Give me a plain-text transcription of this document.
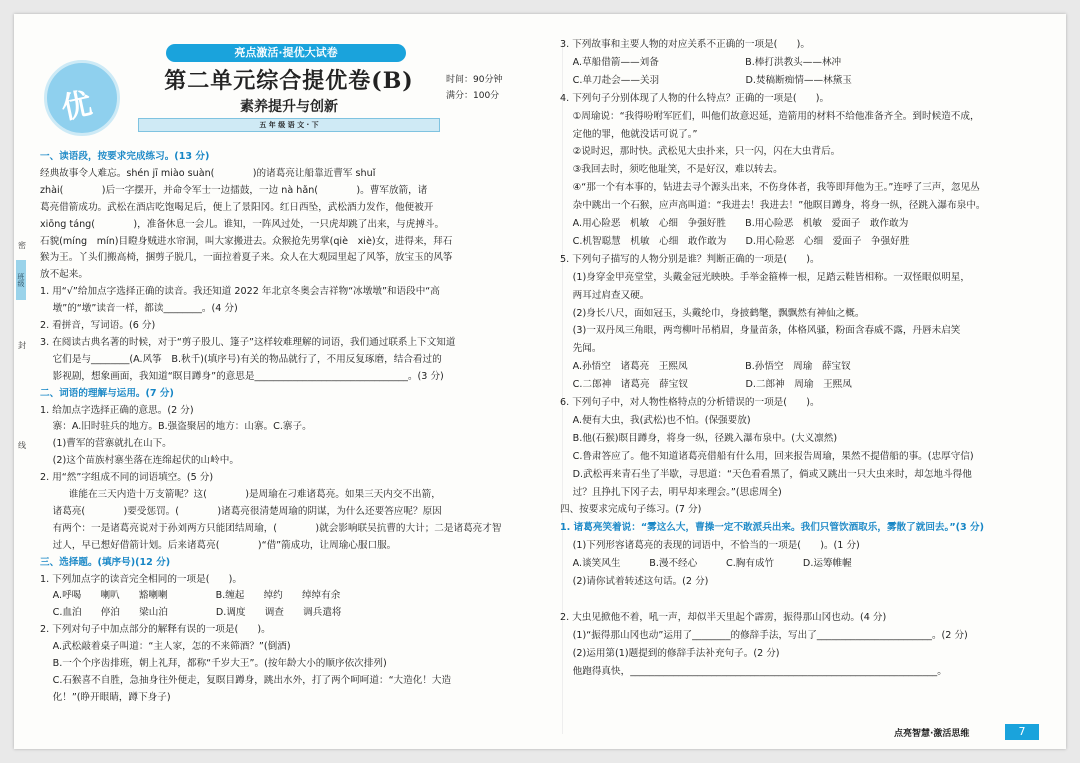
密
班级
封
线
优
亮点激活·提优大试卷
第二单元综合提优卷(B)
素养提升与创新
时间：90分钟
满分：100分
五 年 级 语 文 · 下
一、读语段，按要求完成练习。(13 分)
经典故事令人难忘。shén jī miào suàn(　　　　)的诸葛亮让船靠近曹军 shuǐ
zhài(　　　　)后一字摆开，并命令军士一边擂鼓，一边 nà hǎn(　　　　)。曹军放箭，诸
葛亮借箭成功。武松在酒店吃饱喝足后，便上了景阳冈。红日西坠，武松酒力发作，他便被开
xiōng táng(　　　　)，准备休息一会儿。谁知，一阵风过处，一只虎却跳了出来，与虎搏斗。
石貌(míng　mín)目瞪身贼进水帘洞，叫大家搬进去。众猴抢先男掌(qiè　xiè)女，进得来，拜石
猴为王。丫头们搬高椅，捆剪子脱几，一面拉着夏子来。众人在大观园里起了风筝，放宝玉的风筝
放不起来。
1. 用“√”给加点字选择正确的读音。我还知道 2022 年北京冬奥会吉祥物“冰墩墩”和语段中“高
　 墩”的“墩”读音一样，都读________。(4 分)
2. 看拼音，写词语。(6 分)
3. 在阅读古典名著的时候，对于“剪子股儿、篷子”这样较难理解的词语，我们通过联系上下文知道
　 它们是与________(A.风筝　B.秋千)(填序号)有关的物品就行了，不用反复琢磨，结合看过的
　 影视剧，想象画面，我知道“瞑目蹲身”的意思是________________________________。(3 分)
二、词语的理解与运用。(7 分)
1. 给加点字选择正确的意思。(2 分)
　 寨：A.旧时驻兵的地方。B.强盗聚居的地方：山寨。C.寨子。
　 (1)曹军的营寨就扎在山下。
　 (2)这个苗族村寨坐落在连绵起伏的山岭中。
2. 用“然”字组成不同的词语填空。(5 分)
　　　谁能在三天内造十万支箭呢？这(　　　　)是周瑜在刁难诸葛亮。如果三天内交不出箭，
　 诸葛亮(　　　　)要受惩罚。(　　　　)诸葛亮很清楚周瑜的阴谋，为什么还要答应呢？原因
　 有两个：一是诸葛亮说对于孙刘两方只能团结周瑜，(　　　　)就会影响联吴抗曹的大计；二是诸葛亮才智
　 过人，早已想好借箭计划。后来诸葛亮(　　　　)“借”箭成功，让周瑜心服口服。
三、选择题。(填序号)(12 分)
1. 下列加点字的读音完全相同的一项是(　　)。
　 A.呼喝　　喇叭　　豁喇喇　　　　　B.缠起　　绰约　　绰绰有余
　 C.血泊　　停泊　　梁山泊　　　　　D.调度　　调查　　调兵遣将
2. 下列对句子中加点部分的解释有误的一项是(　　)。
　 A.武松敲着桌子叫道：“主人家，怎的不来筛酒？”(倒酒)
　 B.一个个序齿排班，朝上礼拜，都称“千岁大王”。(按年龄大小的顺序依次排列)
　 C.石猴喜不自胜，急抽身往外便走，复瞑目蹲身，跳出水外，打了两个呵呵道：“大造化！大造
　 化！”(睁开眼睛，蹲下身子)
3. 下列故事和主要人物的对应关系不正确的一项是(　　)。
　 A.草船借箭——刘备　　　　　　　　　B.棒打洪教头——林冲
　 C.单刀赴会——关羽　　　　　　　　　D.焚稿断痴情——林黛玉
4. 下列句子分别体现了人物的什么特点？正确的一项是(　　)。
　 ①周瑜说：“我得吩咐军匠们，叫他们故意迟延，造箭用的材料不给他准备齐全。到时候造不成，
　 定他的罪，他就没话可说了。”
　 ②说时迟，那时快。武松见大虫扑来，只一闪，闪在大虫背后。
　 ③我回去时，须吃他耻笑，不是好汉，难以转去。
　 ④“那一个有本事的，钻进去寻个源头出来，不伤身体者，我等即拜他为王。”连呼了三声，忽见丛
　 杂中跳出一个石猴，应声高叫道：“我进去！我进去！”他瞑目蹲身，将身一纵，径跳入瀑布泉中。
　 A.用心险恶　机敏　心细　争强好胜　　B.用心险恶　机敏　爱面子　敢作敢为
　 C.机智聪慧　机敏　心细　敢作敢为　　D.用心险恶　心细　爱面子　争强好胜
5. 下列句子描写的人物分别是谁？判断正确的一项是(　　)。
　 (1)身穿金甲亮堂堂，头戴金冠光映映。手举金箍棒一根，足踏云鞋皆相称。一双怪眼似明星，
　 两耳过肩查又硬。
　 (2)身长八尺，面如冠玉，头戴纶巾，身披鹤氅，飘飘然有神仙之概。
　 (3)一双丹凤三角眼，两弯柳叶吊梢眉，身量苗条，体格风骚，粉面含春威不露，丹唇未启笑
　 先闻。
　 A.孙悟空　诸葛亮　王熙凤　　　　　　B.孙悟空　周瑜　薛宝钗
　 C.二郎神　诸葛亮　薛宝钗　　　　　　D.二郎神　周瑜　王熙凤
6. 下列句子中，对人物性格特点的分析错误的一项是(　　)。
　 A.便有大虫，我(武松)也不怕。(保强要放)
　 B.他(石猴)瞑目蹲身，将身一纵，径跳入瀑布泉中。(大义凛然)
　 C.鲁肃答应了。他不知道诸葛亮借船有什么用，回来报告周瑜，果然不提借船的事。(忠厚守信)
　 D.武松再来青石坐了半歇，寻思道：“天色看看黑了，倘或又跳出一只大虫来时，却怎地斗得他
　 过？且挣扎下冈子去，明早却来理会。”(思虑周全)
四、按要求完成句子练习。(7 分)
1. 诸葛亮笑着说：“雾这么大，曹操一定不敢派兵出来。我们只管饮酒取乐，雾散了就回去。”(3 分)
　 (1)下列形容诸葛亮的表现的词语中，不恰当的一项是(　　)。(1 分)
　 A.谈笑风生　　　B.漫不经心　　　C.胸有成竹　　　D.运筹帷幄
　 (2)请你试着转述这句话。(2 分)
2. 大虫见掀他不着，吼一声，却似半天里起个霹雳，振得那山冈也动。(4 分)
　 (1)“振得那山冈也动”运用了________的修辞手法，写出了________________________。(2 分)
　 (2)运用第(1)题提到的修辞手法补充句子。(2 分)
　 他跑得真快，________________________________________________________________。
点亮智慧·激活思维	7
